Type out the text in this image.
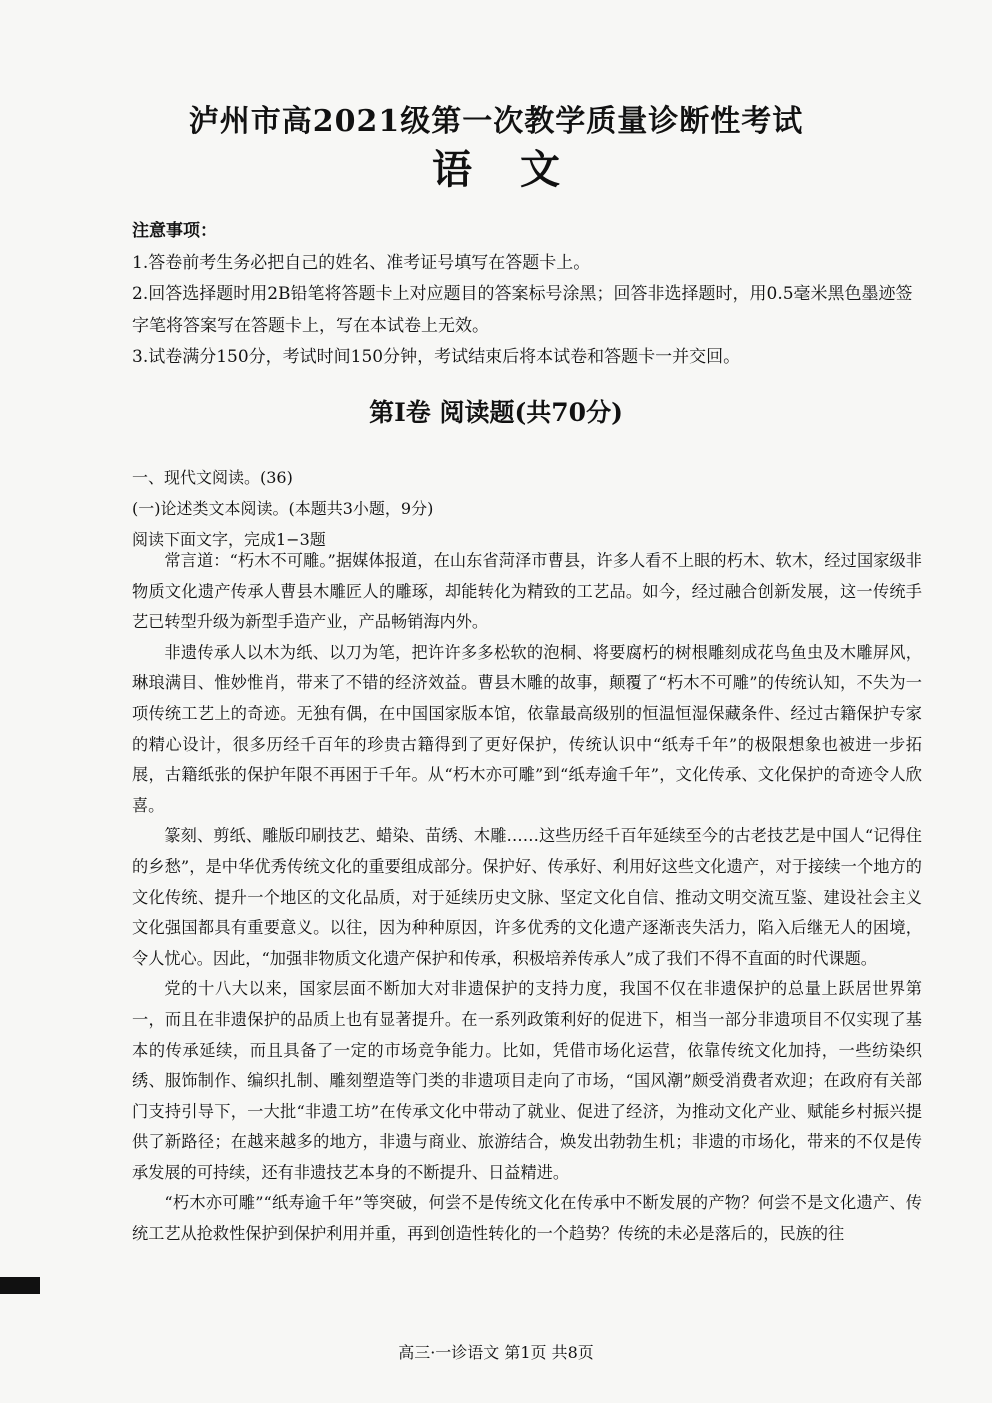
泸州市高2021级第一次教学质量诊断性考试
语文

注意事项：

1.答卷前考生务必把自己的姓名、准考证号填写在答题卡上。

2.回答选择题时用2B铅笔将答题卡上对应题目的答案标号涂黑；回答非选择题时，用0.5毫米黑色墨迹签字笔将答案写在答题卡上，写在本试卷上无效。

3.试卷满分150分，考试时间150分钟，考试结束后将本试卷和答题卡一并交回。

第Ⅰ卷 阅读题(共70分)

一、现代文阅读。(36)

(一)论述类文本阅读。(本题共3小题，9分)

阅读下面文字，完成1−3题

常言道：“朽木不可雕。”据媒体报道，在山东省菏泽市曹县，许多人看不上眼的朽木、软木，经过国家级非物质文化遗产传承人曹县木雕匠人的雕琢，却能转化为精致的工艺品。如今，经过融合创新发展，这一传统手艺已转型升级为新型手造产业，产品畅销海内外。

非遗传承人以木为纸、以刀为笔，把许许多多松软的泡桐、将要腐朽的树根雕刻成花鸟鱼虫及木雕屏风，琳琅满目、惟妙惟肖，带来了不错的经济效益。曹县木雕的故事，颠覆了“朽木不可雕”的传统认知，不失为一项传统工艺上的奇迹。无独有偶，在中国国家版本馆，依靠最高级别的恒温恒湿保藏条件、经过古籍保护专家的精心设计，很多历经千百年的珍贵古籍得到了更好保护，传统认识中“纸寿千年”的极限想象也被进一步拓展，古籍纸张的保护年限不再困于千年。从“朽木亦可雕”到“纸寿逾千年”，文化传承、文化保护的奇迹令人欣喜。

篆刻、剪纸、雕版印刷技艺、蜡染、苗绣、木雕……这些历经千百年延续至今的古老技艺是中国人“记得住的乡愁”，是中华优秀传统文化的重要组成部分。保护好、传承好、利用好这些文化遗产，对于接续一个地方的文化传统、提升一个地区的文化品质，对于延续历史文脉、坚定文化自信、推动文明交流互鉴、建设社会主义文化强国都具有重要意义。以往，因为种种原因，许多优秀的文化遗产逐渐丧失活力，陷入后继无人的困境，令人忧心。因此，“加强非物质文化遗产保护和传承，积极培养传承人”成了我们不得不直面的时代课题。

党的十八大以来，国家层面不断加大对非遗保护的支持力度，我国不仅在非遗保护的总量上跃居世界第一，而且在非遗保护的品质上也有显著提升。在一系列政策利好的促进下，相当一部分非遗项目不仅实现了基本的传承延续，而且具备了一定的市场竞争能力。比如，凭借市场化运营，依靠传统文化加持，一些纺染织绣、服饰制作、编织扎制、雕刻塑造等门类的非遗项目走向了市场，“国风潮”颇受消费者欢迎；在政府有关部门支持引导下，一大批“非遗工坊”在传承文化中带动了就业、促进了经济，为推动文化产业、赋能乡村振兴提供了新路径；在越来越多的地方，非遗与商业、旅游结合，焕发出勃勃生机；非遗的市场化，带来的不仅是传承发展的可持续，还有非遗技艺本身的不断提升、日益精进。

“朽木亦可雕”“纸寿逾千年”等突破，何尝不是传统文化在传承中不断发展的产物？何尝不是文化遗产、传统工艺从抢救性保护到保护利用并重，再到创造性转化的一个趋势？传统的未必是落后的，民族的往

高三·一诊语文 第1页 共8页
